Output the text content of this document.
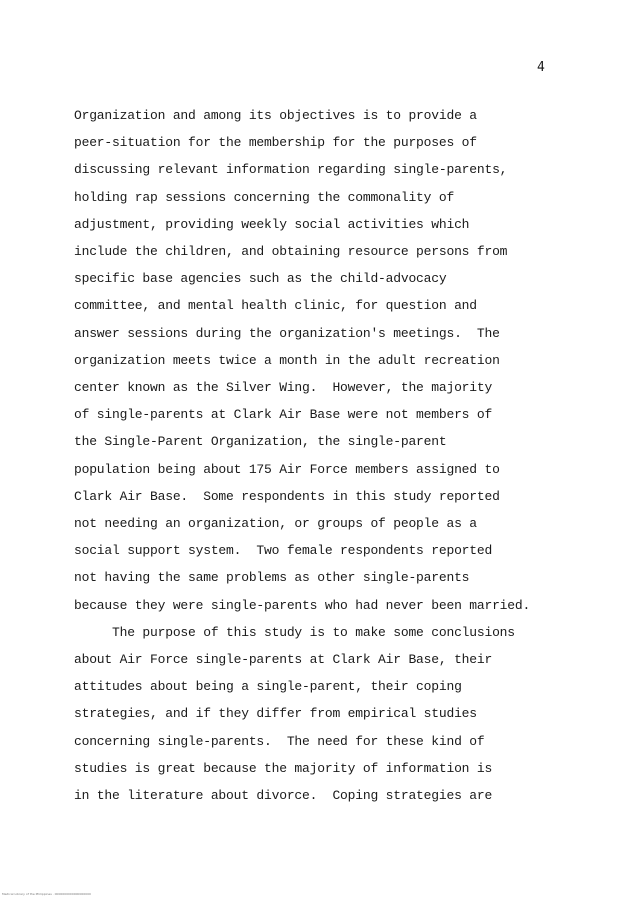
4
Organization and among its objectives is to provide a
peer-situation for the membership for the purposes of
discussing relevant information regarding single-parents,
holding rap sessions concerning the commonality of
adjustment, providing weekly social activities which
include the children, and obtaining resource persons from
specific base agencies such as the child-advocacy
committee, and mental health clinic, for question and
answer sessions during the organization's meetings.  The
organization meets twice a month in the adult recreation
center known as the Silver Wing.  However, the majority
of single-parents at Clark Air Base were not members of
the Single-Parent Organization, the single-parent
population being about 175 Air Force members assigned to
Clark Air Base.  Some respondents in this study reported
not needing an organization, or groups of people as a
social support system.  Two female respondents reported
not having the same problems as other single-parents
because they were single-parents who had never been married.
The purpose of this study is to make some conclusions
about Air Force single-parents at Clark Air Base, their
attitudes about being a single-parent, their coping
strategies, and if they differ from empirical studies
concerning single-parents.  The need for these kind of
studies is great because the majority of information is
in the literature about divorce.  Coping strategies are
Medical Library of the Philippines · 0000000000000000000
